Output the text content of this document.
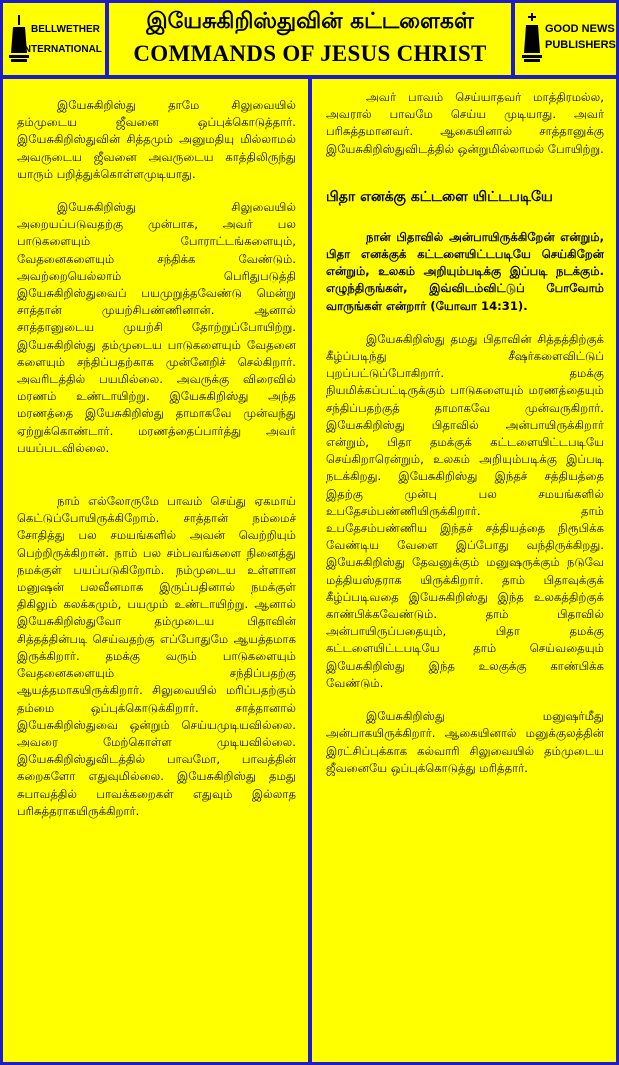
BELLWETHER
INTERNATIONAL
இயேசுகிறிஸ்துவின் கட்டளைகள்
COMMANDS OF JESUS CHRIST
GOOD NEWS
PUBLISHERS

இயேசுகிறிஸ்து தாமே சிலுவையில் தம்முடைய ஜீவனை ஒப்புக்கொடுத்தார். இயேசுகிறிஸ்துவின் சித்தமும் அனுமதியு மில்லாமல் அவருடைய ஜீவனை அவருடைய காத்திலிருந்து யாரும் பறித்துக்கொள்ளமுடியாது.

இயேசுகிறிஸ்து சிலுவையில் அறையப்படுவதற்கு முன்பாக, அவர் பல பாடுகளையும் போராட்டங்களையும், வேதனைகளையும் சந்திக்க வேண்டும். அவற்றையெல்லாம் பெரிதுபடுத்தி இயேசுகிறிஸ்துவைப் பயமுறுத்தவேண்டு மென்று சாத்தான் முயற்சிபண்ணினான். ஆனால் சாத்தானுடைய முயற்சி தோற்றுப்போயிற்று. இயேசுகிறிஸ்து தம்முடைய பாடுகளையும் வேதனை களையும் சந்திப்பதற்காக முன்னேறிச் செல்கிறார். அவரிடத்தில் பயமில்லை. அவருக்கு விரைவில் மரணம் உண்டாயிற்று. இயேசுகிறிஸ்து அந்த மரணத்தை இயேசுகிறிஸ்து தாமாகவே முன்வந்து ஏற்றுக்கொண்டார். மரணத்தைப்பார்த்து அவர் பயப்படவில்லை.

நாம் எல்லோருமே பாவம் செய்து ஏகமாய் கெட்டுப்போயிருக்கிறோம். சாத்தான் நம்மைச் சோதித்து பல சமயங்களில் அவன் வெற்றியும் பெற்றிருக்கிறான். நாம் பல சம்பவங்களை நினைத்து நமக்குள் பயப்படுகிறோம். நம்முடைய உள்ளான மனுஷன் பலவீனமாக இருப்பதினால் நமக்குள் திகிலும் கலக்கமும், பயமும் உண்டாயிற்று. ஆனால் இயேசுகிறிஸ்துவோ தம்முடைய பிதாவின் சித்தத்தின்படி செய்வதற்கு எப்போதுமே ஆயத்தமாக இருக்கிறார். தமக்கு வரும் பாடுகளையும் வேதனைகளையும் சந்திப்பதற்கு ஆயத்தமாகயிருக்கிறார். சிலுவையில் மரிப்பதற்கும் தம்மை ஒப்புக்கொடுக்கிறார். சாத்தானால் இயேசுகிறிஸ்துவை ஒன்றும் செய்யமுடியவில்லை. அவரை மேற்கொள்ள முடியவில்லை. இயேசுகிறிஸ்துவிடத்தில் பாவமோ, பாவத்தின் கறைகளோ எதுவுமில்லை. இயேசுகிறிஸ்து தமது சுபாவத்தில் பாவக்கறைகள் எதுவும் இல்லாத பரிசுத்தராகயிருக்கிறார்.

அவர் பாவம் செய்யாதவர் மாத்திரமல்ல, அவரால் பாவமே செய்ய முடியாது. அவர் பரிசுத்தமானவர். ஆகையினால் சாத்தானுக்கு இயேசுகிறிஸ்துவிடத்தில் ஒன்றுமில்லாமல் போயிற்று.

பிதா எனக்கு கட்டளை யிட்டபடியே

நான் பிதாவில் அன்பாயிருக்கிறேன் என்றும், பிதா எனக்குக் கட்டளையிட்டபடியே செய்கிறேன் என்றும், உலகம் அறியும்படிக்கு இப்படி நடக்கும். எழுந்திருங்கள், இவ்விடம்விட்டுப் போவோம் வாருங்கள் என்றார் (யோவா 14:31).

இயேசுகிறிஸ்து தமது பிதாவின் சித்தத்திற்குக் கீழ்ப்படிந்து சீஷர்களைவிட்டுப் புறப்பட்டுப்போகிறார். தமக்கு நியமிக்கப்பட்டிருக்கும் பாடுகளையும் மரணத்தையும் சந்திப்பதற்குத் தாமாகவே முன்வருகிறார். இயேசுகிறிஸ்து பிதாவில் அன்பாயிருக்கிறார் என்றும், பிதா தமக்குக் கட்டளையிட்டபடியே செய்கிறாரென்றும், உலகம் அறியும்படிக்கு இப்படி நடக்கிறது. இயேசுகிறிஸ்து இந்தச் சத்தியத்தை இதற்கு முன்பு பல சமயங்களில் உபதேசம்பண்ணியிருக்கிறார். தாம் உபதேசம்பண்ணிய இந்தச் சத்தியத்தை நிரூபிக்க வேண்டிய வேளை இப்போது வந்திருக்கிறது. இயேசுகிறிஸ்து தேவனுக்கும் மனுஷருக்கும் நடுவே மத்தியஸ்தராக யிருக்கிறார். தாம் பிதாவுக்குக் கீழ்ப்படிவதை இயேசுகிறிஸ்து இந்த உலகத்திற்குக் காண்பிக்கவேண்டும். தாம் பிதாவில் அன்பாயிருப்பதையும், பிதா தமக்கு கட்டளையிட்டபடியே தாம் செய்வதையும் இயேசுகிறிஸ்து இந்த உலகுக்கு காண்பிக்க வேண்டும்.

இயேசுகிறிஸ்து மனுஷர்மீது அன்பாகயிருக்கிறார். ஆகையினால் மனுக்குலத்தின் இரட்சிப்புக்காக கல்வாரி சிலுவையில் தம்முடைய ஜீவனையே ஒப்புக்கொடுத்து மரித்தார்.
